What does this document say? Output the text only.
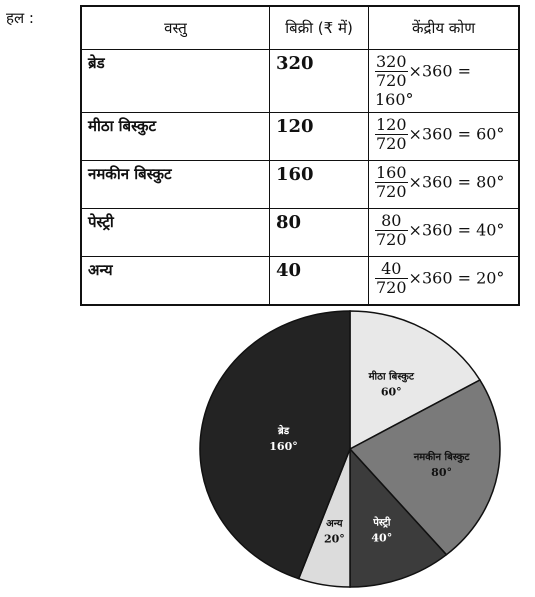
हल :
वस्तु	बिक्री (₹ में)	केंद्रीय कोण
ब्रेड	320	$\frac{320}{720} \times 360 = 160^\circ$
मीठा बिस्कुट	120	$\frac{120}{720} \times 360 = 60^\circ$
नमकीन बिस्कुट	160	$\frac{160}{720} \times 360 = 80^\circ$
पेस्ट्री	80	$\frac{80}{720} \times 360 = 40^\circ$
अन्य	40	$\frac{40}{720} \times 360 = 20^\circ$
मीठा बिस्कुट
60°
नमकीन बिस्कुट
80°
पेस्ट्री
40°
अन्य
20°
ब्रेड
160°
